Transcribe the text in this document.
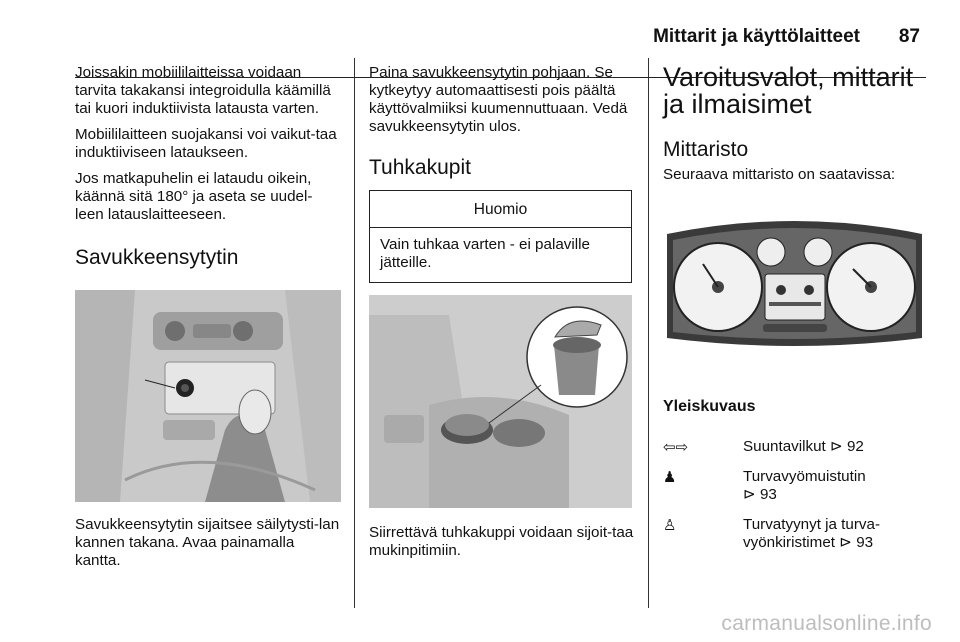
Mittarit ja käyttölaitteet 87

Joissakin mobiililaitteissa voidaan tarvita takakansi integroidulla käämillä tai kuori induktiivista latausta varten.

Mobiililaitteen suojakansi voi vaikut-taa induktiiviseen lataukseen.

Jos matkapuhelin ei lataudu oikein, käännä sitä 180° ja aseta se uudel-leen latauslaitteeseen.

Savukkeensytytin

Savukkeensytytin sijaitsee säilytysti-lan kannen takana. Avaa painamalla kantta.

Paina savukkeensytytin pohjaan. Se kytkeytyy automaattisesti pois päältä käyttövalmiiksi kuumennuttuaan. Vedä savukkeensytytin ulos.

Tuhkakupit
Huomio
Vain tuhkaa varten - ei palaville jätteille.

Siirrettävä tuhkakuppi voidaan sijoit-taa mukinpitimiin.

Varoitusvalot, mittarit ja ilmaisimet
Mittaristo

Seuraava mittaristo on saatavissa:

Yleiskuvaus
⇦⇨	Suuntavilkut ⊳ 92
♟	Turvavyömuistutin
⊳ 93
♙	Turvatyynyt ja turva-vyönkiristimet ⊳ 93
carmanualsonline.info
